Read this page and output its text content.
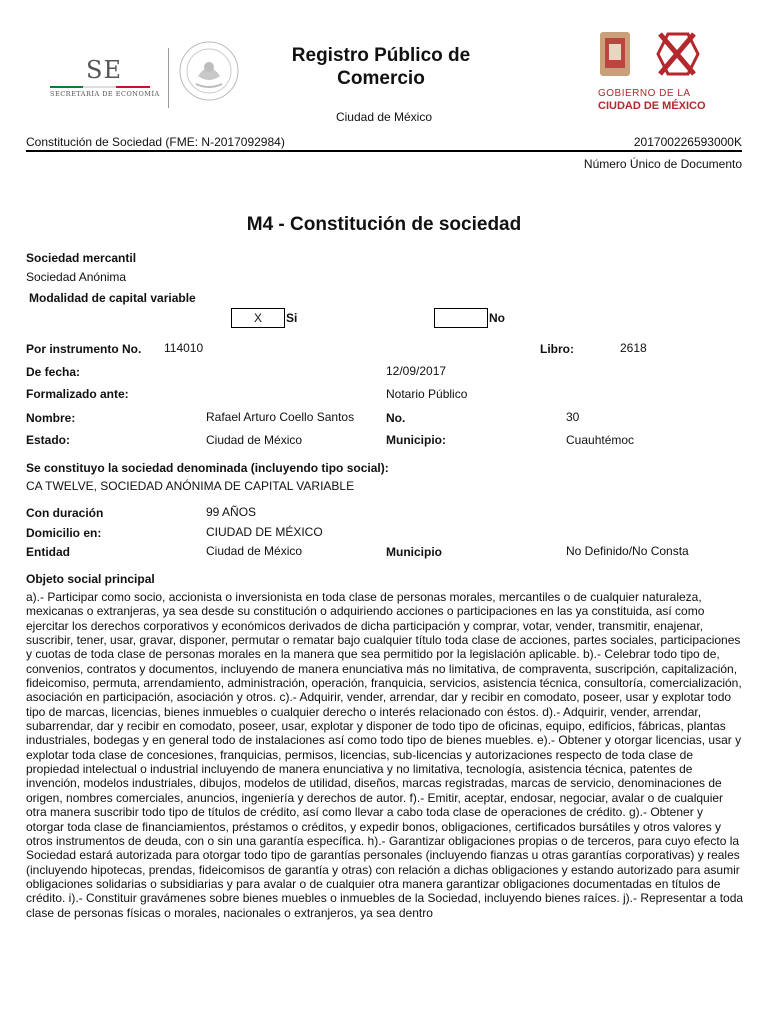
SE
SECRETARÍA DE ECONOMÍA
Registro Público de
Comercio
Ciudad de México
GOBIERNO DE LA
CIUDAD DE MÉXICO
Constitución de Sociedad (FME: N-2017092984)	201700226593000K
Número Único de Documento
M4 - Constitución de sociedad
Sociedad mercantil
Sociedad Anónima
Modalidad de capital variable
X	Si	No
Por instrumento No. 114010	Libro:	2618
De fecha:	12/09/2017
Formalizado ante:	Notario Público
Nombre:	Rafael Arturo Coello Santos	No.	30
Estado:	Ciudad de México	Municipio:	Cuauhtémoc
Se constituyo la sociedad denominada (incluyendo tipo social):
CA TWELVE, SOCIEDAD ANÓNIMA DE CAPITAL VARIABLE
Con duración	99 AÑOS
Domicilio en:	CIUDAD DE MÉXICO
Entidad	Ciudad de México	Municipio	No Definido/No Consta
Objeto social principal

a).- Participar como socio, accionista o inversionista en toda clase de personas morales, mercantiles o de cualquier naturaleza, mexicanas o extranjeras, ya sea desde su constitución o adquiriendo acciones o participaciones en las ya constituida, así como ejercitar los derechos corporativos y económicos derivados de dicha participación y comprar, votar, vender, transmitir, enajenar, suscribir, tener, usar, gravar, disponer, permutar o rematar bajo cualquier título toda clase de acciones, partes sociales, participaciones y cuotas de toda clase de personas morales en la manera que sea permitido por la legislación aplicable. b).- Celebrar todo tipo de, convenios, contratos y documentos, incluyendo de manera enunciativa más no limitativa, de compraventa, suscripción, capitalización, fideicomiso, permuta, arrendamiento, administración, operación, franquicia, servicios, asistencia técnica, consultoría, comercialización, asociación en participación, asociación y otros. c).- Adquirir, vender, arrendar, dar y recibir en comodato, poseer, usar y explotar todo tipo de marcas, licencias, bienes inmuebles o cualquier derecho o interés relacionado con éstos. d).- Adquirir, vender, arrendar, subarrendar, dar y recibir en comodato, poseer, usar, explotar y disponer de todo tipo de oficinas, equipo, edificios, fábricas, plantas industriales, bodegas y en general todo de instalaciones así como todo tipo de bienes muebles. e).- Obtener y otorgar licencias, usar y explotar toda clase de concesiones, franquicias, permisos, licencias, sub-licencias y autorizaciones respecto de toda clase de propiedad intelectual o industrial incluyendo de manera enunciativa y no limitativa, tecnología, asistencia técnica, patentes de invención, modelos industriales, dibujos, modelos de utilidad, diseños, marcas registradas, marcas de servicio, denominaciones de origen, nombres comerciales, anuncios, ingeniería y derechos de autor. f).- Emitir, aceptar, endosar, negociar, avalar o de cualquier otra manera suscribir todo tipo de títulos de crédito, así como llevar a cabo toda clase de operaciones de crédito. g).- Obtener y otorgar toda clase de financiamientos, préstamos o créditos, y expedir bonos, obligaciones, certificados bursátiles y otros valores y otros instrumentos de deuda, con o sin una garantía específica. h).- Garantizar obligaciones propias o de terceros, para cuyo efecto la Sociedad estará autorizada para otorgar todo tipo de garantías personales (incluyendo fianzas u otras garantías corporativas) y reales (incluyendo hipotecas, prendas, fideicomisos de garantía y otras) con relación a dichas obligaciones y estando autorizado para asumir obligaciones solidarias o subsidiarias y para avalar o de cualquier otra manera garantizar obligaciones documentadas en títulos de crédito. i).- Constituir gravámenes sobre bienes muebles o inmuebles de la Sociedad, incluyendo bienes raíces. j).- Representar a toda clase de personas físicas o morales, nacionales o extranjeros, ya sea dentro
